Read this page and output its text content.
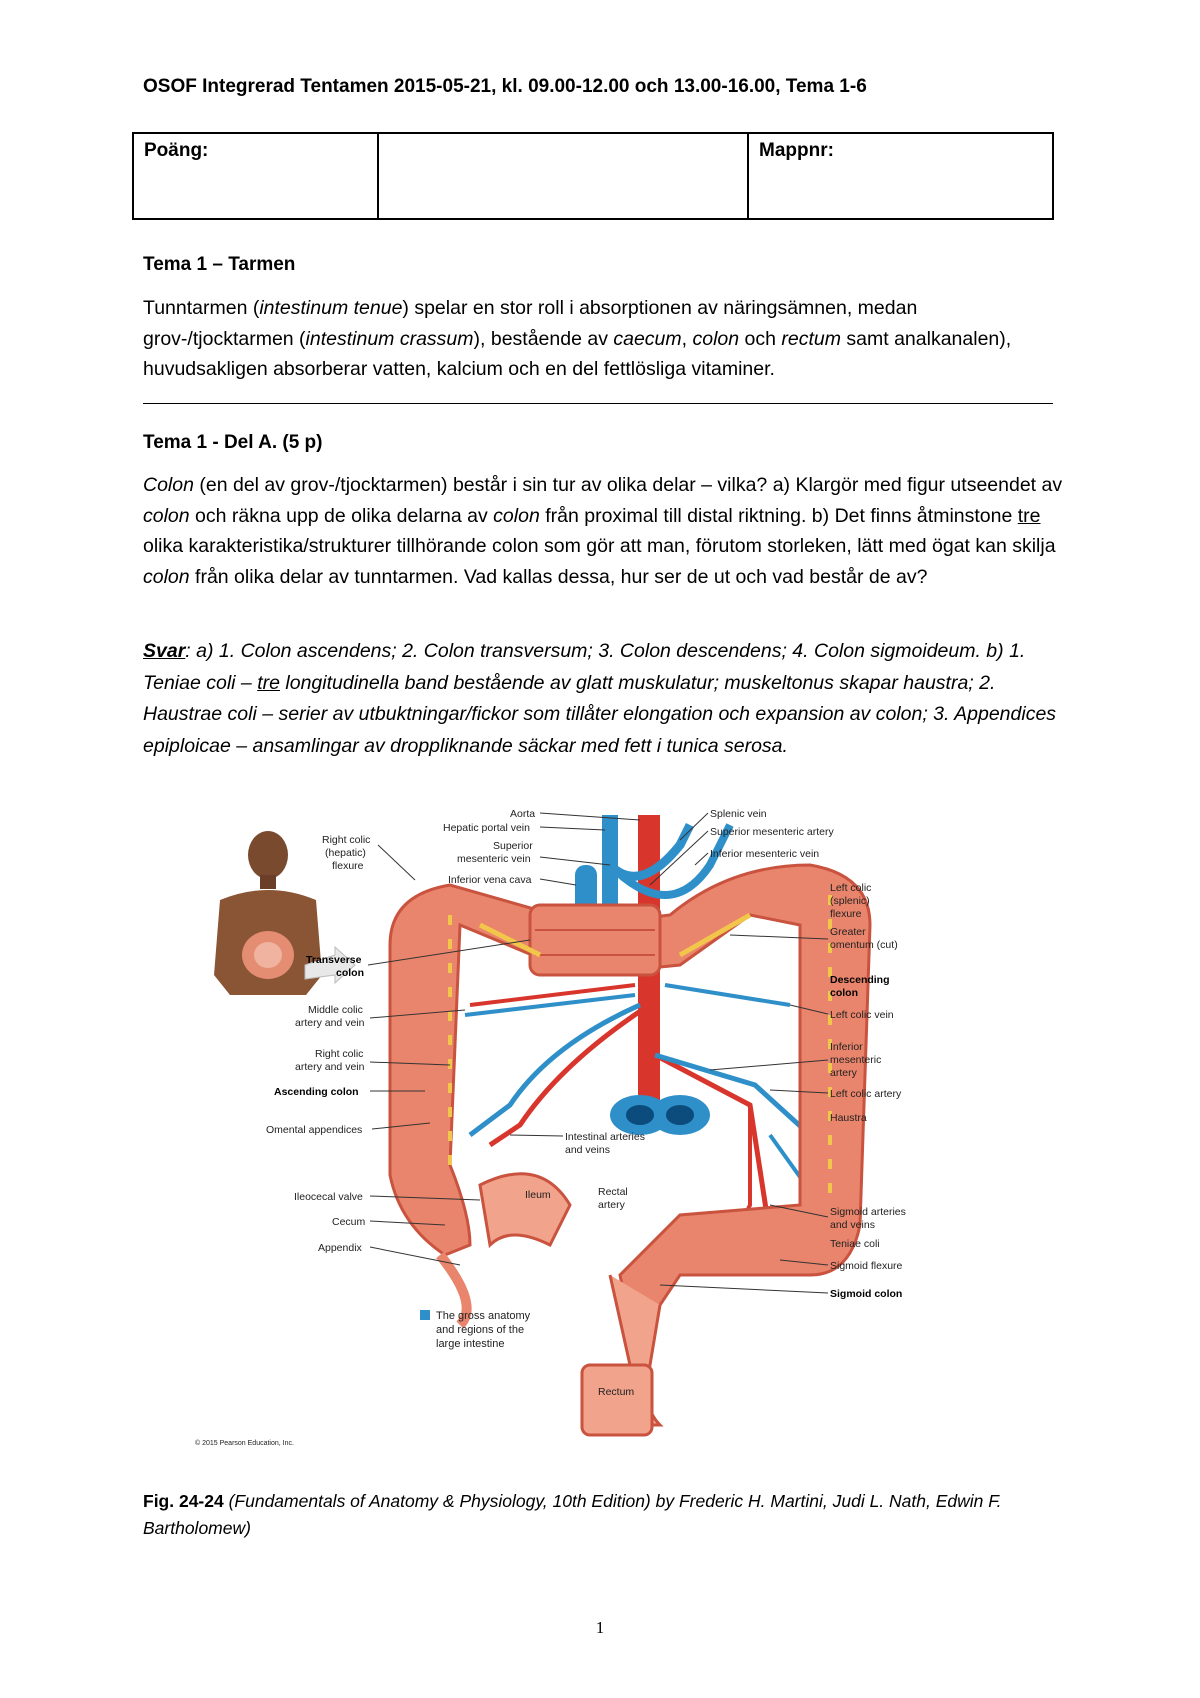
OSOF Integrerad Tentamen 2015-05-21, kl. 09.00-12.00 och 13.00-16.00, Tema 1-6
Poäng:		Mappnr:
Tema 1 – Tarmen
Tunntarmen (intestinum tenue) spelar en stor roll i absorptionen av näringsämnen, medan grov-/tjocktarmen (intestinum crassum), bestående av caecum, colon och rectum samt analkanalen), huvudsakligen absorberar vatten, kalcium och en del fettlösliga vitaminer.
Tema 1 - Del A. (5 p)
Colon (en del av grov-/tjocktarmen) består i sin tur av olika delar – vilka? a) Klargör med figur utseendet av colon och räkna upp de olika delarna av colon från proximal till distal riktning. b) Det finns åtminstone tre olika karakteristika/strukturer tillhörande colon som gör att man, förutom storleken, lätt med ögat kan skilja colon från olika delar av tunntarmen. Vad kallas dessa, hur ser de ut och vad består de av?
Svar: a) 1. Colon ascendens; 2. Colon transversum; 3. Colon descendens; 4. Colon sigmoideum. b) 1. Teniae coli – tre longitudinella band bestående av glatt muskulatur; muskeltonus skapar haustra; 2. Haustrae coli – serier av utbuktningar/fickor som tillåter elongation och expansion av colon; 3. Appendices epiploicae – ansamlingar av droppliknande säckar med fett i tunica serosa.
Right colic
(hepatic)
flexure
Transverse
colon
Middle colic
artery and vein
Right colic
artery and vein
Ascending colon
Omental appendices
Ileocecal valve
Cecum
Appendix
Aorta
Hepatic portal vein
Superior
mesenteric vein
Inferior vena cava
Splenic vein
Superior mesenteric artery
Inferior mesenteric vein
Left colic
(splenic)
flexure
Greater
omentum (cut)
Descending
colon
Left colic vein
Inferior
mesenteric
artery
Left colic artery
Haustra
Sigmoid arteries
and veins
Teniae coli
Sigmoid flexure
Sigmoid colon
Intestinal arteries
and veins
Rectal
artery
Ileum
Rectum
The gross anatomy
and regions of the
large intestine
© 2015 Pearson Education, Inc.
Fig. 24-24 (Fundamentals of Anatomy & Physiology, 10th Edition) by Frederic H. Martini, Judi L. Nath, Edwin F. Bartholomew)
1
